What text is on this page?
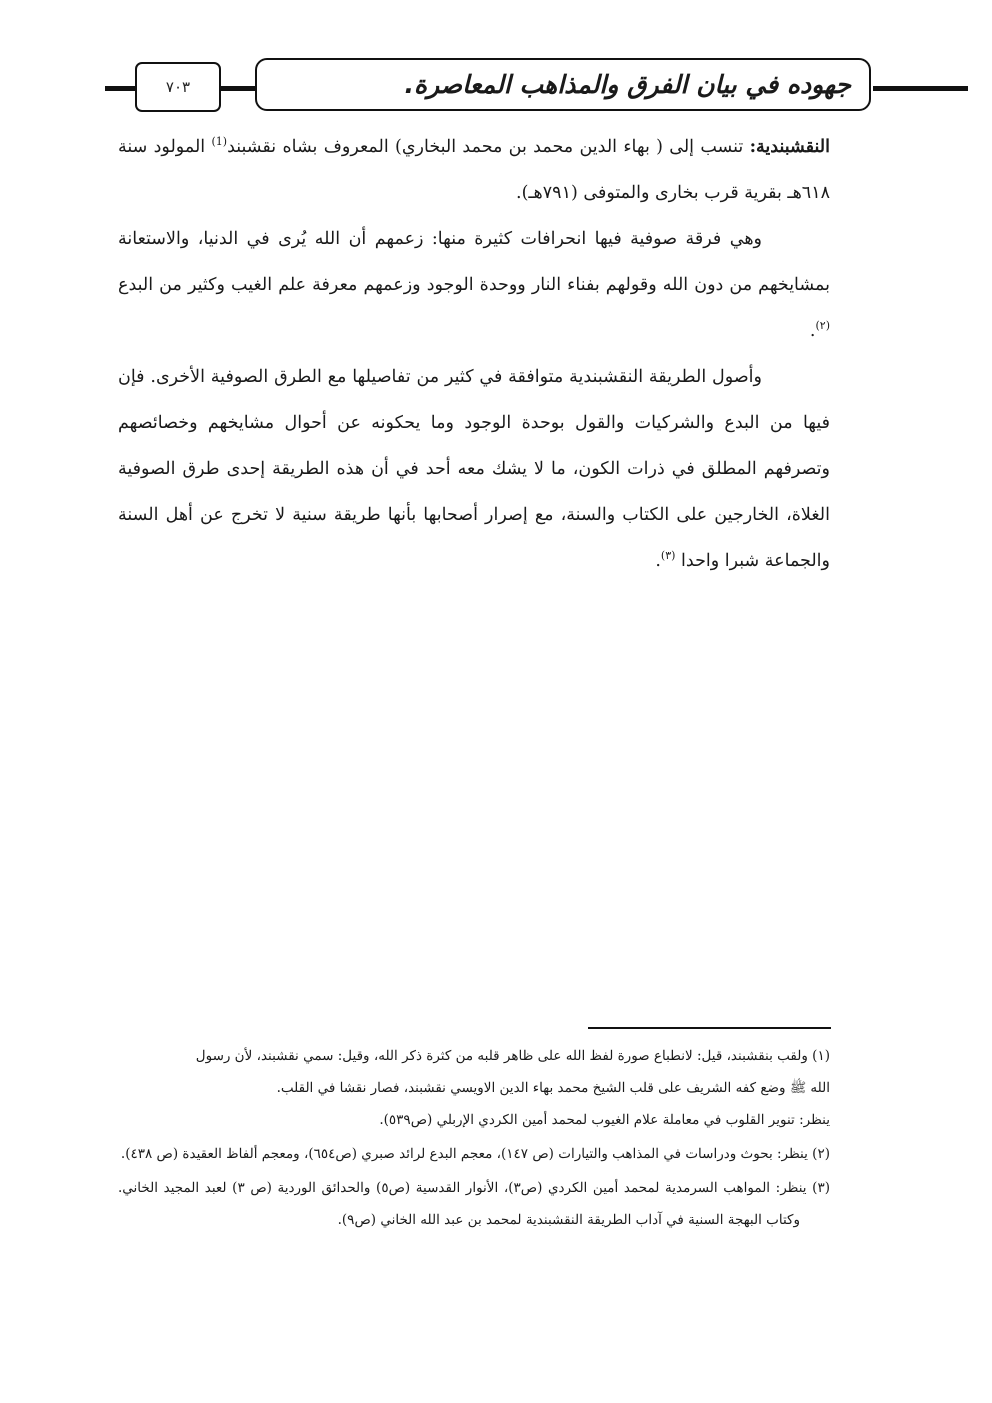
٧٠٣	جهوده في بيان الفرق والمذاهب المعاصرة.

النقشبندية: تنسب إلى ( بهاء الدين محمد بن محمد البخاري) المعروف بشاه نقشبند$^{(1)}$ المولود سنة ٦١٨هـ بقرية قرب بخارى والمتوفى (٧٩١هـ).

وهي فرقة صوفية فيها انحرافات كثيرة منها: زعمهم أن الله يُرى في الدنيا، والاستعانة بمشايخهم من دون الله وقولهم بفناء النار ووحدة الوجود وزعمهم معرفة علم الغيب وكثير من البدع $^{(٢)}$.

وأصول الطريقة النقشبندية متوافقة في كثير من تفاصيلها مع الطرق الصوفية الأخرى. فإن فيها من البدع والشركيات والقول بوحدة الوجود وما يحكونه عن أحوال مشايخهم وخصائصهم وتصرفهم المطلق في ذرات الكون، ما لا يشك معه أحد في أن هذه الطريقة إحدى طرق الصوفية الغلاة، الخارجين على الكتاب والسنة، مع إصرار أصحابها بأنها طريقة سنية لا تخرج عن أهل السنة والجماعة شبرا واحدا $^{(٣)}$.

(١) ولقب بنقشبند، قيل: لانطباع صورة لفظ الله على ظاهر قلبه من كثرة ذكر الله، وقيل: سمي نقشبند، لأن رسول
الله ﷺ وضع كفه الشريف على قلب الشيخ محمد بهاء الدين الاويسي نقشبند، فصار نقشا في القلب.
ينظر: تنوير القلوب في معاملة علام الغيوب لمحمد أمين الكردي الإربلي (ص٥٣٩).
(٢) ينظر: بحوث ودراسات في المذاهب والتيارات (ص ١٤٧)، معجم البدع لرائد صبري (ص٦٥٤)، ومعجم ألفاظ العقيدة (ص ٤٣٨).
(٣) ينظر: المواهب السرمدية لمحمد أمين الكردي (ص٣)، الأنوار القدسية (ص٥) والحدائق الوردية (ص ٣) لعبد المجيد الخاني. وكتاب البهجة السنية في آداب الطريقة النقشبندية لمحمد بن عبد الله الخاني (ص٩).
